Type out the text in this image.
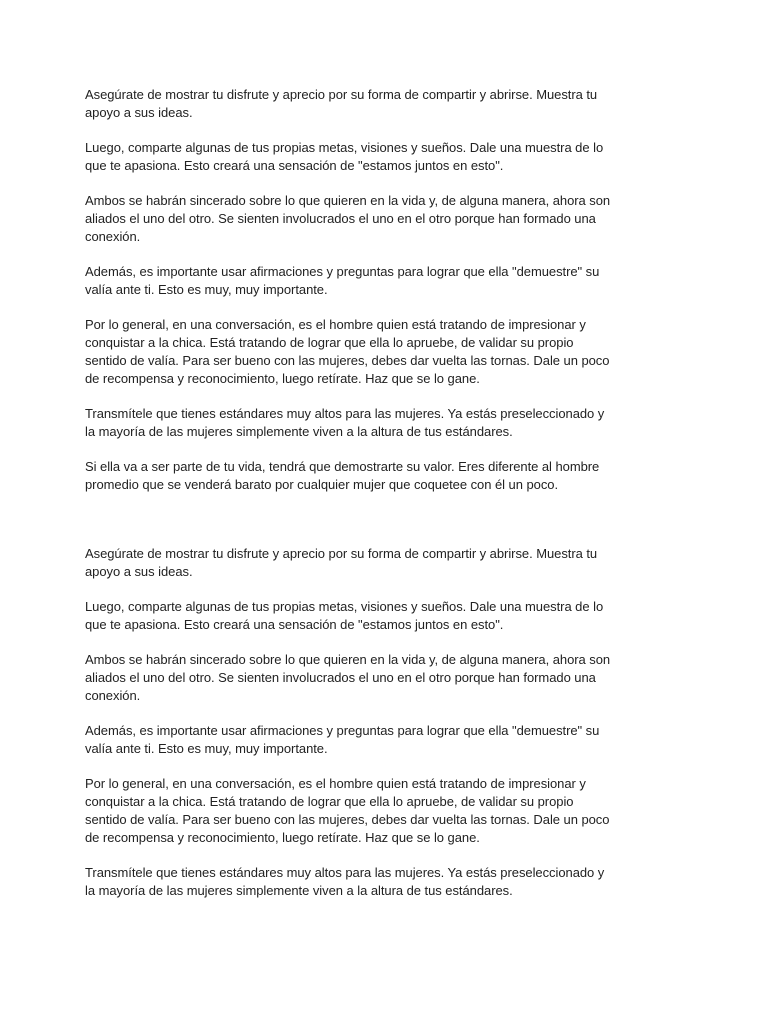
Asegúrate de mostrar tu disfrute y aprecio por su forma de compartir y abrirse. Muestra tu
apoyo a sus ideas.

Luego, comparte algunas de tus propias metas, visiones y sueños. Dale una muestra de lo
que te apasiona. Esto creará una sensación de "estamos juntos en esto".

Ambos se habrán sincerado sobre lo que quieren en la vida y, de alguna manera, ahora son
aliados el uno del otro. Se sienten involucrados el uno en el otro porque han formado una
conexión.

Además, es importante usar afirmaciones y preguntas para lograr que ella "demuestre" su
valía ante ti. Esto es muy, muy importante.

Por lo general, en una conversación, es el hombre quien está tratando de impresionar y
conquistar a la chica. Está tratando de lograr que ella lo apruebe, de validar su propio
sentido de valía. Para ser bueno con las mujeres, debes dar vuelta las tornas. Dale un poco
de recompensa y reconocimiento, luego retírate. Haz que se lo gane.

Transmítele que tienes estándares muy altos para las mujeres. Ya estás preseleccionado y
la mayoría de las mujeres simplemente viven a la altura de tus estándares.

Si ella va a ser parte de tu vida, tendrá que demostrarte su valor. Eres diferente al hombre
promedio que se venderá barato por cualquier mujer que coquetee con él un poco.

Asegúrate de mostrar tu disfrute y aprecio por su forma de compartir y abrirse. Muestra tu
apoyo a sus ideas.

Luego, comparte algunas de tus propias metas, visiones y sueños. Dale una muestra de lo
que te apasiona. Esto creará una sensación de "estamos juntos en esto".

Ambos se habrán sincerado sobre lo que quieren en la vida y, de alguna manera, ahora son
aliados el uno del otro. Se sienten involucrados el uno en el otro porque han formado una
conexión.

Además, es importante usar afirmaciones y preguntas para lograr que ella "demuestre" su
valía ante ti. Esto es muy, muy importante.

Por lo general, en una conversación, es el hombre quien está tratando de impresionar y
conquistar a la chica. Está tratando de lograr que ella lo apruebe, de validar su propio
sentido de valía. Para ser bueno con las mujeres, debes dar vuelta las tornas. Dale un poco
de recompensa y reconocimiento, luego retírate. Haz que se lo gane.

Transmítele que tienes estándares muy altos para las mujeres. Ya estás preseleccionado y
la mayoría de las mujeres simplemente viven a la altura de tus estándares.
